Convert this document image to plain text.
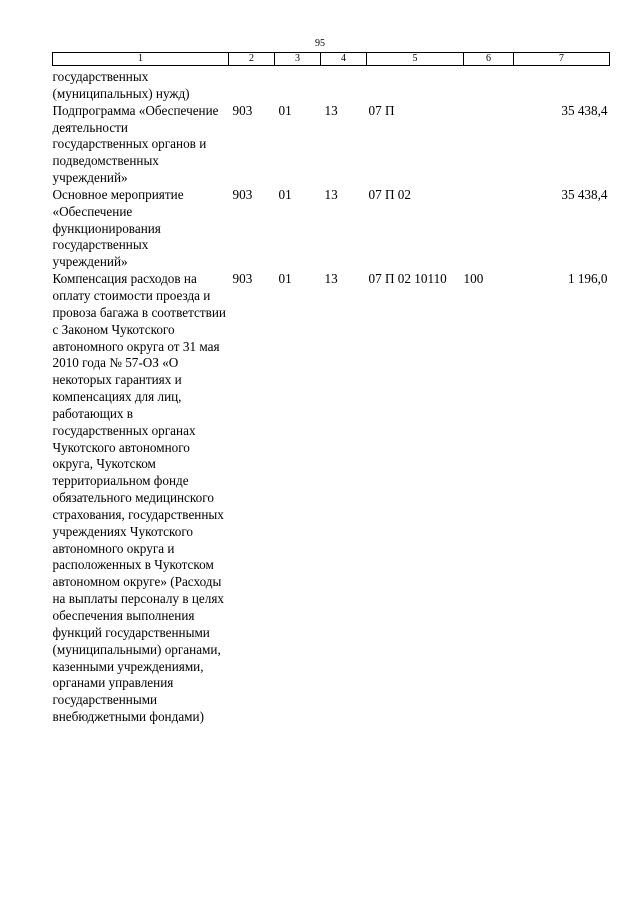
95
1	2	3	4	5	6	7
государственных (муниципальных) нужд)						
Подпрограмма «Обеспечение деятельности государственных органов и подведомственных учреждений»	903	01	13	07 П		35 438,4
Основное мероприятие «Обеспечение функционирования государственных учреждений»	903	01	13	07 П 02		35 438,4
Компенсация расходов на оплату стоимости проезда и провоза багажа в соответствии с Законом Чукотского автономного округа от 31 мая 2010 года № 57-ОЗ «О некоторых гарантиях и компенсациях для лиц, работающих в государственных органах Чукотского автономного округа, Чукотском территориальном фонде обязательного медицинского страхования, государственных учреждениях Чукотского автономного округа и расположенных в Чукотском автономном округе» (Расходы на выплаты персоналу в целях обеспечения выполнения функций государственными (муниципальными) органами, казенными учреждениями, органами управления государственными внебюджетными фондами)	903	01	13	07 П 02 10110	100	1 196,0
